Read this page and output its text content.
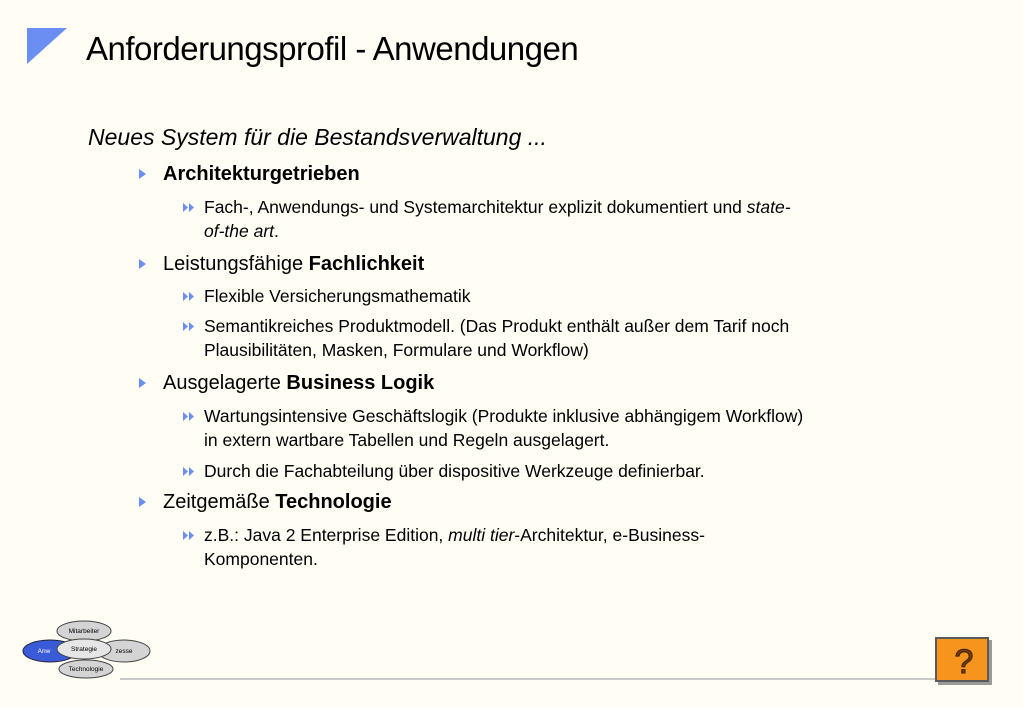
Anforderungsprofil - Anwendungen
Neues System für die Bestandsverwaltung ...
Architekturgetrieben
Fach-, Anwendungs- und Systemarchitektur explizit dokumentiert und state-
of-the art.
Leistungsfähige Fachlichkeit
Flexible Versicherungsmathematik
Semantikreiches Produktmodell. (Das Produkt enthält außer dem Tarif noch
Plausibilitäten, Masken, Formulare und Workflow)
Ausgelagerte Business Logik
Wartungsintensive Geschäftslogik (Produkte inklusive abhängigem Workflow)
in extern wartbare Tabellen und Regeln ausgelagert.
Durch die Fachabteilung über dispositive Werkzeuge definierbar.
Zeitgemäße Technologie
z.B.: Java 2 Enterprise Edition, multi tier-Architektur, e-Business-
Komponenten.
zesse
Anw
Mitarbeiter
Technologie
Strategie	?
